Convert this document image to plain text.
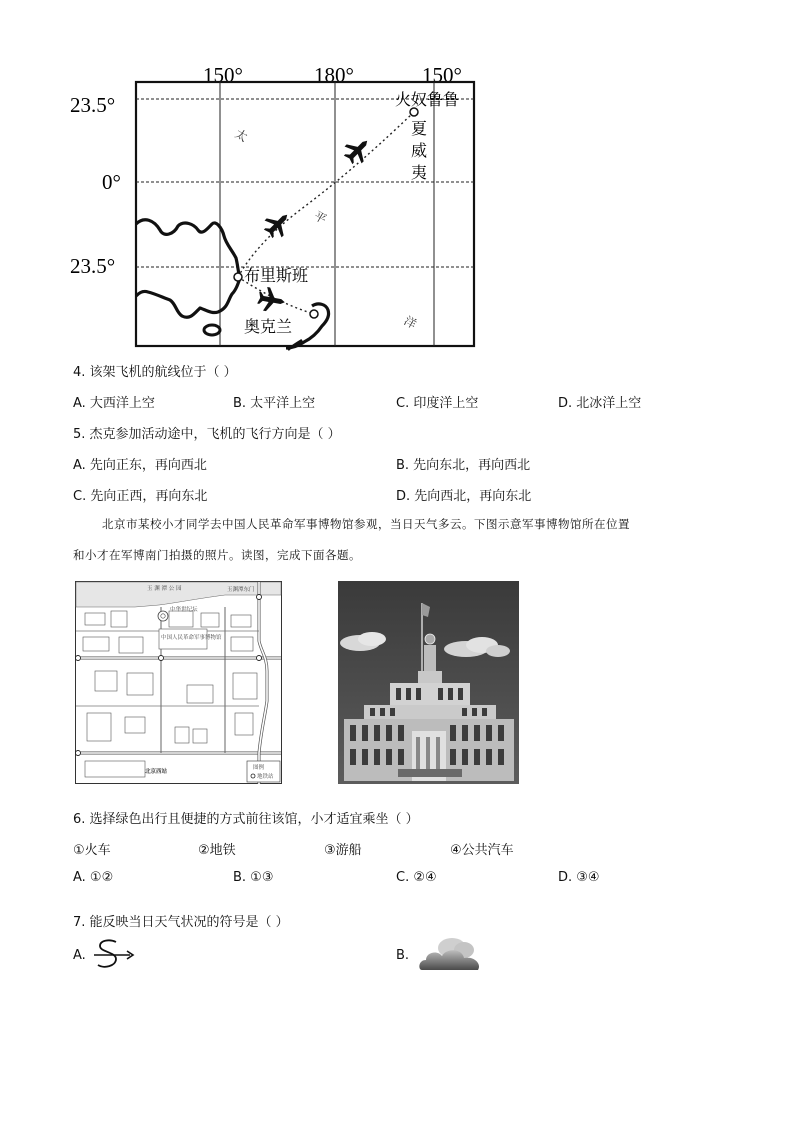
150°	180°	150°
23.5°
0°
23.5°
火奴鲁鲁
夏威夷
布里斯班
奥克兰
太
平
洋
4. 该架飞机的航线位于（ ）
A. 大西洋上空	B. 太平洋上空	C. 印度洋上空	D. 北冰洋上空
5. 杰克参加活动途中，飞机的飞行方向是（ ）
A. 先向正东，再向西北	B. 先向东北，再向西北
C. 先向正西，再向东北	D. 先向西北，再向东北
北京市某校小才同学去中国人民革命军事博物馆参观，当日天气多云。下图示意军事博物馆所在位置
和小才在军博南门拍摄的照片。读图，完成下面各题。
玉 渊 潭 公 园	玉渊潭东门
中华世纪坛
中国人民革命军事博物馆
北京西站
图例
地铁站
6. 选择绿色出行且便捷的方式前往该馆，小才适宜乘坐（ ）
①火车	②地铁	③游船	④公共汽车
A. ①②	B. ①③	C. ②④	D. ③④
7. 能反映当日天气状况的符号是（ ）
A.	B.
